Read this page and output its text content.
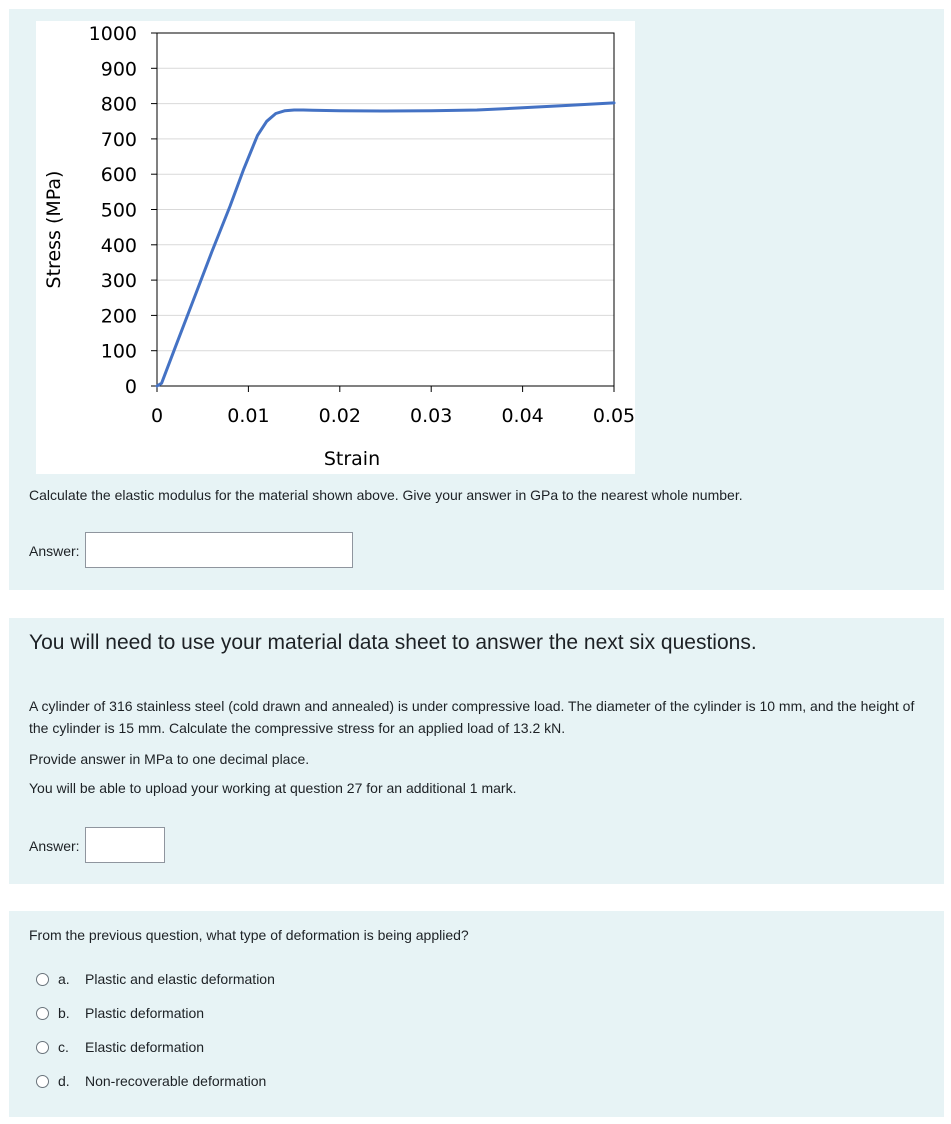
1000
900
800
700
600
500
400
300
200
100
0
0	0.01	0.02	0.03	0.04	0.05
Stress (MPa)
Strain

Calculate the elastic modulus for the material shown above. Give your answer in GPa to the nearest whole number.

Answer:
You will need to use your material data sheet to answer the next six questions.

A cylinder of 316 stainless steel (cold drawn and annealed) is under compressive load. The diameter of the cylinder is 10 mm, and the height of the cylinder is 15 mm. Calculate the compressive stress for an applied load of 13.2 kN.

Provide answer in MPa to one decimal place.

You will be able to upload your working at question 27 for an additional 1 mark.

Answer:

From the previous question, what type of deformation is being applied?

a.	Plastic and elastic deformation
b.	Plastic deformation
c.	Elastic deformation
d.	Non-recoverable deformation
